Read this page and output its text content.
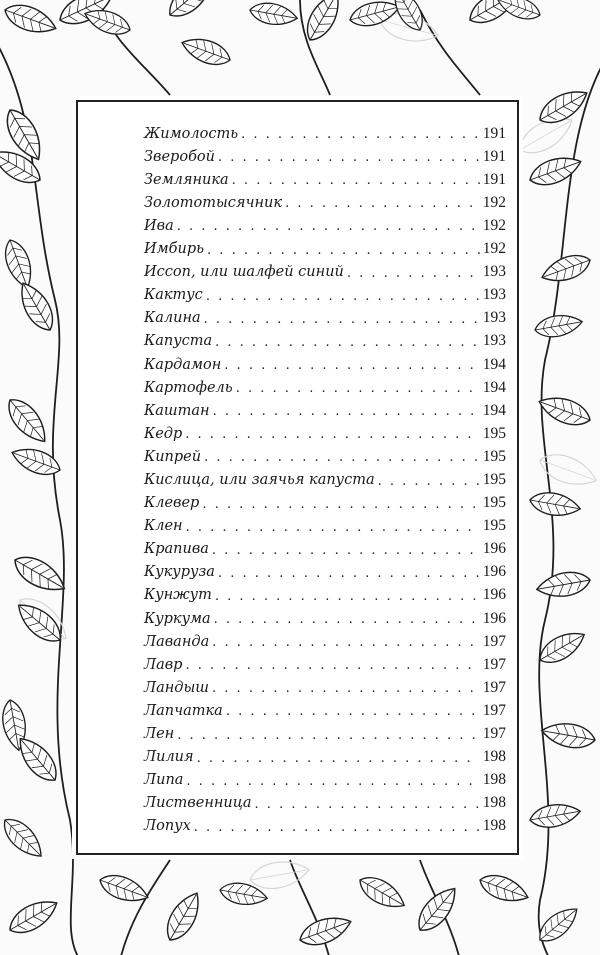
Жимолость . . .	191
Зверобой . . .	191
Земляника . . .	191
Золототысячник . . .	192
Ива . . .	192
Имбирь . . .	192
Иссоп, или шалфей синий . . .	193
Кактус . . .	193
Калина . . .	193
Капуста . . .	193
Кардамон . . .	194
Картофель . . .	194
Каштан . . .	194
Кедр . . .	195
Кипрей . . .	195
Кислица, или заячья капуста . . .	195
Клевер . . .	195
Клен . . .	195
Крапива . . .	196
Кукуруза . . .	196
Кунжут . . .	196
Куркума . . .	196
Лаванда . . .	197
Лавр . . .	197
Ландыш . . .	197
Лапчатка . . .	197
Лен . . .	197
Лилия . . .	198
Липа . . .	198
Лиственница . . .	198
Лопух . . .	198
